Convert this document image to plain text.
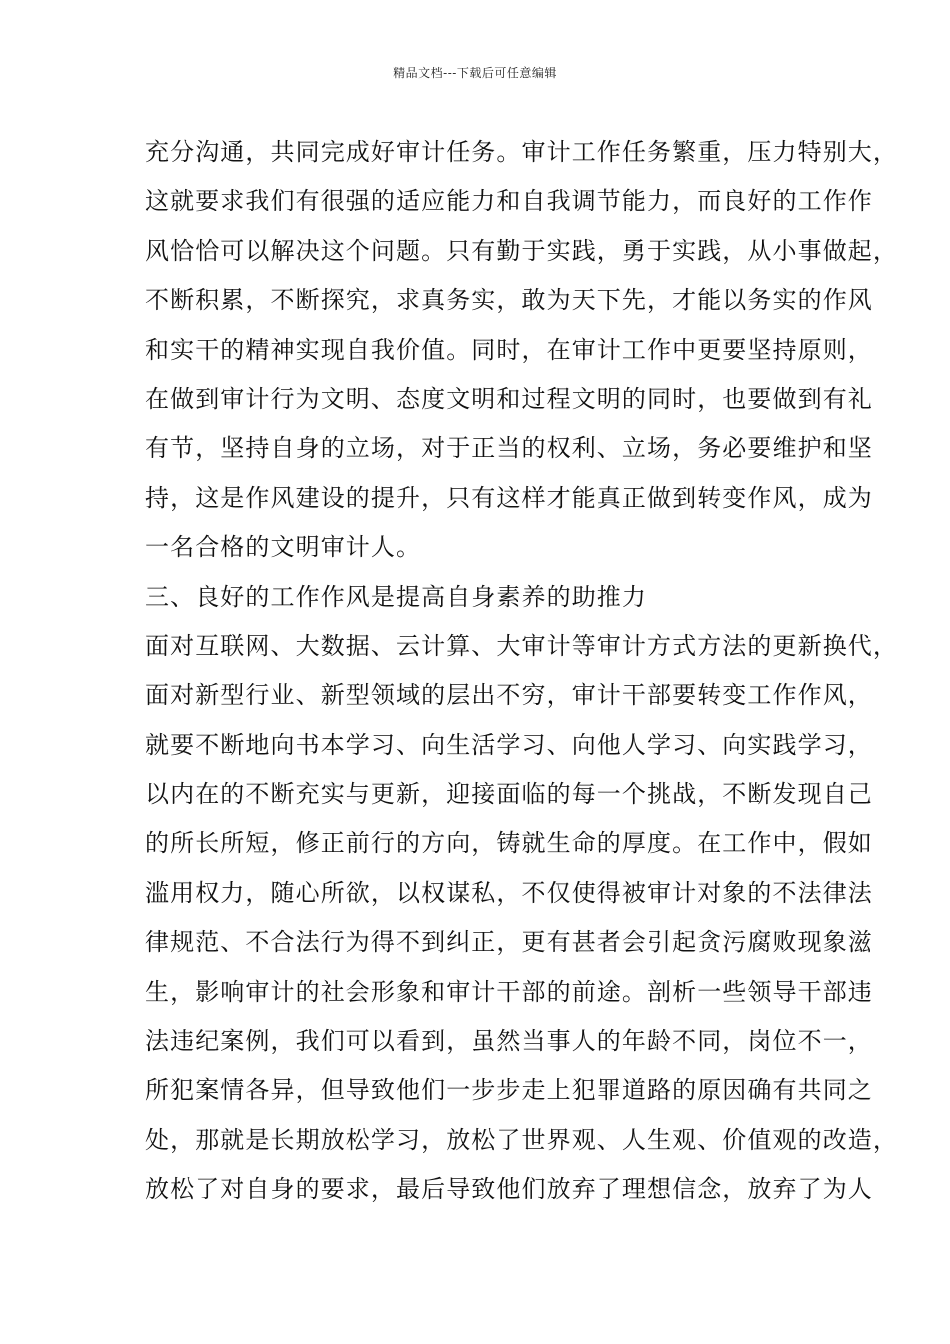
精品文档---下载后可任意编辑
充分沟通，共同完成好审计任务。审计工作任务繁重，压力特别大，
这就要求我们有很强的适应能力和自我调节能力，而良好的工作作
风恰恰可以解决这个问题。只有勤于实践，勇于实践，从小事做起，
不断积累，不断探究，求真务实，敢为天下先，才能以务实的作风
和实干的精神实现自我价值。同时，在审计工作中更要坚持原则，
在做到审计行为文明、态度文明和过程文明的同时，也要做到有礼
有节，坚持自身的立场，对于正当的权利、立场，务必要维护和坚
持，这是作风建设的提升，只有这样才能真正做到转变作风，成为
一名合格的文明审计人。
三、良好的工作作风是提高自身素养的助推力
面对互联网、大数据、云计算、大审计等审计方式方法的更新换代，
面对新型行业、新型领域的层出不穷，审计干部要转变工作作风，
就要不断地向书本学习、向生活学习、向他人学习、向实践学习，
以内在的不断充实与更新，迎接面临的每一个挑战，不断发现自己
的所长所短，修正前行的方向，铸就生命的厚度。在工作中，假如
滥用权力，随心所欲，以权谋私，不仅使得被审计对象的不法律法
律规范、不合法行为得不到纠正，更有甚者会引起贪污腐败现象滋
生，影响审计的社会形象和审计干部的前途。剖析一些领导干部违
法违纪案例，我们可以看到，虽然当事人的年龄不同，岗位不一，
所犯案情各异，但导致他们一步步走上犯罪道路的原因确有共同之
处，那就是长期放松学习，放松了世界观、人生观、价值观的改造，
放松了对自身的要求，最后导致他们放弃了理想信念，放弃了为人
